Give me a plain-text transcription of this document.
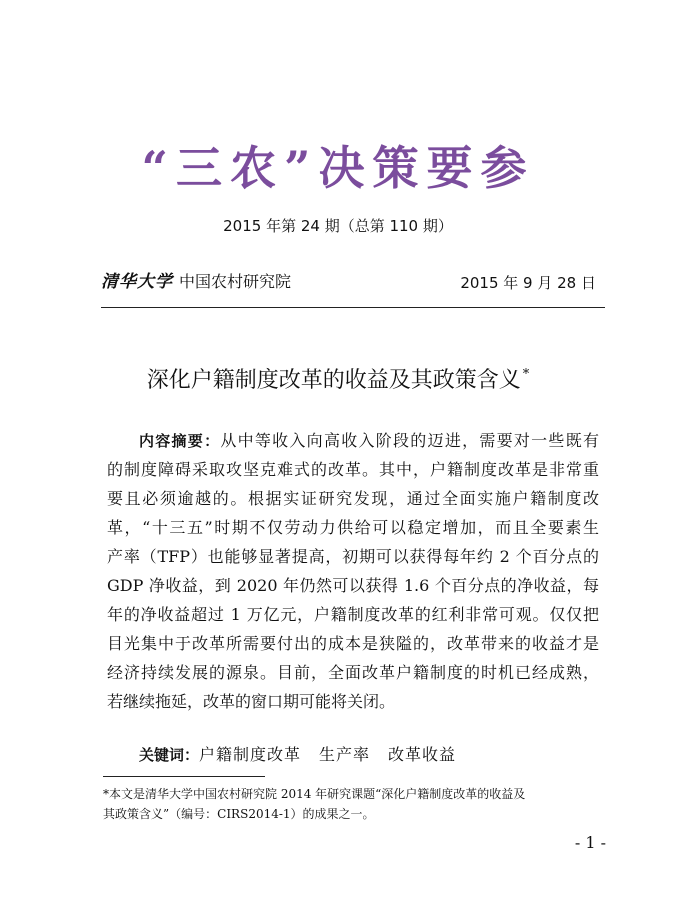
“三农”决策要参
2015 年第 24 期（总第 110 期）
清华大学 中国农村研究院	2015 年 9 月 28 日
深化户籍制度改革的收益及其政策含义 *
内容摘要：从中等收入向高收入阶段的迈进，需要对一些既有
的制度障碍采取攻坚克难式的改革。其中，户籍制度改革是非常重
要且必须逾越的。根据实证研究发现，通过全面实施户籍制度改
革，“十三五”时期不仅劳动力供给可以稳定增加，而且全要素生
产率（TFP）也能够显著提高，初期可以获得每年约 2 个百分点的
GDP 净收益，到 2020 年仍然可以获得 1.6 个百分点的净收益，每
年的净收益超过 1 万亿元，户籍制度改革的红利非常可观。仅仅把
目光集中于改革所需要付出的成本是狭隘的，改革带来的收益才是
经济持续发展的源泉。目前，全面改革户籍制度的时机已经成熟，
若继续拖延，改革的窗口期可能将关闭。
关键词：户籍制度改革 生产率 改革收益
*本文是清华大学中国农村研究院 2014 年研究课题“深化户籍制度改革的收益及
其政策含义”（编号：CIRS2014-1）的成果之一。
- 1 -
